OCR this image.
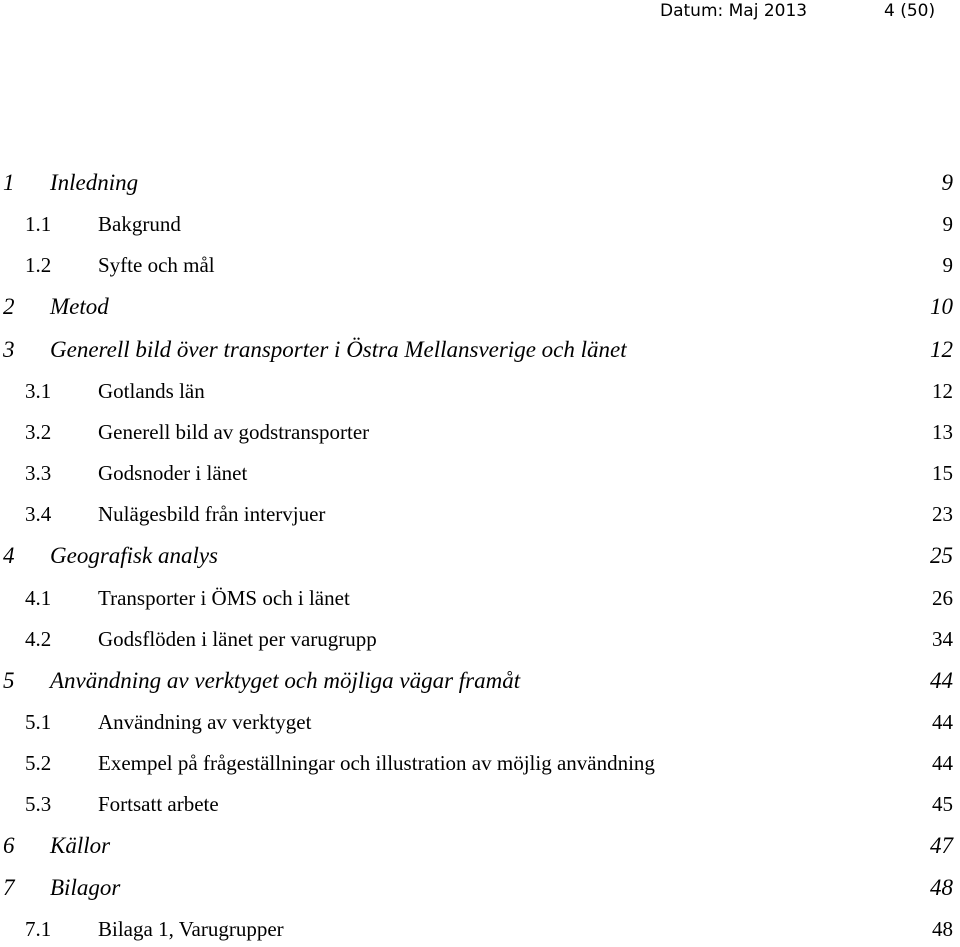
Datum: Maj 2013	4 (50)
1 Inledning	9
1.1 Bakgrund	9
1.2 Syfte och mål	9
2 Metod	10
3 Generell bild över transporter i Östra Mellansverige och länet	12
3.1 Gotlands län	12
3.2 Generell bild av godstransporter	13
3.3 Godsnoder i länet	15
3.4 Nulägesbild från intervjuer	23
4 Geografisk analys	25
4.1 Transporter i ÖMS och i länet	26
4.2 Godsflöden i länet per varugrupp	34
5 Användning av verktyget och möjliga vägar framåt	44
5.1 Användning av verktyget	44
5.2 Exempel på frågeställningar och illustration av möjlig användning	44
5.3 Fortsatt arbete	45
6 Källor	47
7 Bilagor	48
7.1 Bilaga 1, Varugrupper	48
